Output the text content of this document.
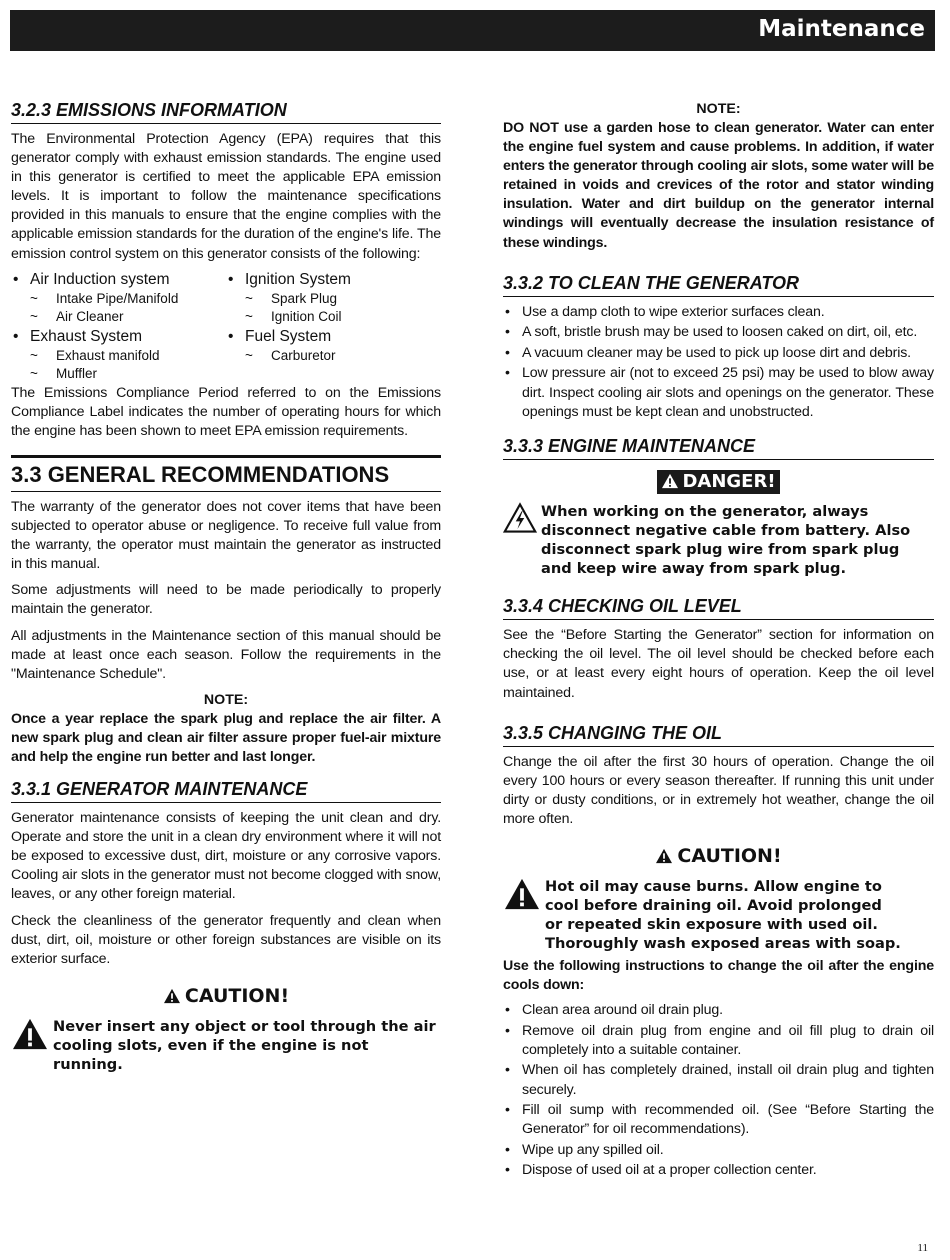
Maintenance
3.2.3 EMISSIONS INFORMATION

The Environmental Protection Agency (EPA) requires that this generator comply with exhaust emission standards. The engine used in this generator is certified to meet the applicable EPA emission levels. It is important to follow the maintenance specifications provided in this manuals to ensure that the engine complies with the applicable emission standards for the duration of the engine's life. The emission control system on this generator consists of the following:

• Air Induction system
~ Intake Pipe/Manifold
~ Air Cleaner
• Exhaust System
~ Exhaust manifold
~ Muffler
• Ignition System
~ Spark Plug
~ Ignition Coil
• Fuel System
~ Carburetor

The Emissions Compliance Period referred to on the Emissions Compliance Label indicates the number of operating hours for which the engine has been shown to meet EPA emission requirements.

3.3 GENERAL RECOMMENDATIONS

The warranty of the generator does not cover items that have been subjected to operator abuse or negligence. To receive full value from the warranty, the operator must maintain the generator as instructed in this manual.

Some adjustments will need to be made periodically to properly maintain the generator.

All adjustments in the Maintenance section of this manual should be made at least once each season. Follow the requirements in the "Maintenance Schedule".

NOTE:

Once a year replace the spark plug and replace the air filter. A new spark plug and clean air filter assure proper fuel-air mixture and help the engine run better and last longer.

3.3.1 GENERATOR MAINTENANCE

Generator maintenance consists of keeping the unit clean and dry. Operate and store the unit in a clean dry environment where it will not be exposed to excessive dust, dirt, moisture or any corrosive vapors. Cooling air slots in the generator must not become clogged with snow, leaves, or any other foreign material.

Check the cleanliness of the generator frequently and clean when dust, dirt, oil, moisture or other foreign substances are visible on its exterior surface.

CAUTION!
Never insert any object or tool through the air cooling slots, even if the engine is not running.

NOTE:

DO NOT use a garden hose to clean generator. Water can enter the engine fuel system and cause problems. In addition, if water enters the generator through cooling air slots, some water will be retained in voids and crevices of the rotor and stator winding insulation. Water and dirt buildup on the generator internal windings will eventually decrease the insulation resistance of these windings.

3.3.2 TO CLEAN THE GENERATOR
• Use a damp cloth to wipe exterior surfaces clean.
• A soft, bristle brush may be used to loosen caked on dirt, oil, etc.
• A vacuum cleaner may be used to pick up loose dirt and debris.
• Low pressure air (not to exceed 25 psi) may be used to blow away dirt. Inspect cooling air slots and openings on the generator. These openings must be kept clean and unobstructed.
3.3.3 ENGINE MAINTENANCE
DANGER!
When working on the generator, always disconnect negative cable from battery. Also disconnect spark plug wire from spark plug and keep wire away from spark plug.
3.3.4 CHECKING OIL LEVEL

See the “Before Starting the Generator” section for information on checking the oil level. The oil level should be checked before each use, or at least every eight hours of operation. Keep the oil level maintained.

3.3.5 CHANGING THE OIL

Change the oil after the first 30 hours of operation. Change the oil every 100 hours or every season thereafter. If running this unit under dirty or dusty conditions, or in extremely hot weather, change the oil more often.

CAUTION!
Hot oil may cause burns. Allow engine to cool before draining oil. Avoid prolonged or repeated skin exposure with used oil. Thoroughly wash exposed areas with soap.

Use the following instructions to change the oil after the engine cools down:

• Clean area around oil drain plug.
• Remove oil drain plug from engine and oil fill plug to drain oil completely into a suitable container.
• When oil has completely drained, install oil drain plug and tighten securely.
• Fill oil sump with recommended oil. (See “Before Starting the Generator” for oil recommendations).
• Wipe up any spilled oil.
• Dispose of used oil at a proper collection center.
11
